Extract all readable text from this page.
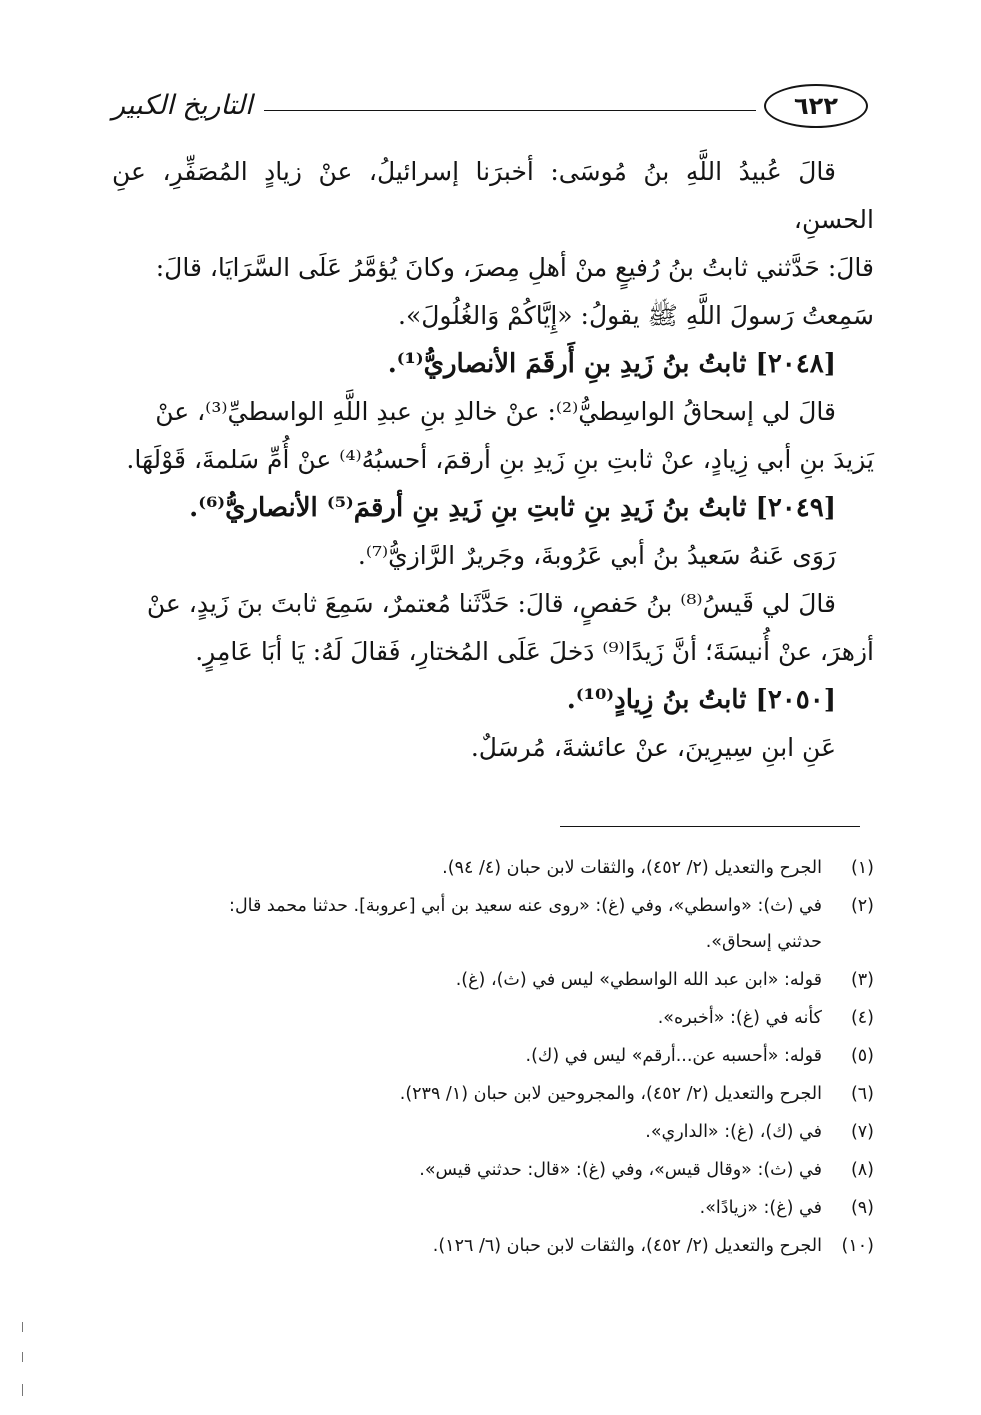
التاريخ الكبير	٦٢٢

قالَ عُبيدُ اللَّهِ بنُ مُوسَى: أخبرَنا إسرائيلُ، عنْ زيادٍ المُصَفِّرِ، عنِ الحسنِ،

قالَ: حَدَّثني ثابتُ بنُ رُفيعٍ منْ أهلِ مِصرَ، وكانَ يُؤمَّرُ عَلَى السَّرَايَا، قالَ:

سَمِعتُ رَسولَ اللَّهِ ﷺ يقولُ: «إِيَّاكُمْ وَالغُلُولَ».

[٢٠٤٨] ثابتُ بنُ زَيدِ بنِ أَرقَمَ الأنصاريُّ⁽¹⁾.

قالَ لي إسحاقُ الواسِطيُّ⁽²⁾: عنْ خالدِ بنِ عبدِ اللَّهِ الواسطيِّ⁽³⁾، عنْ

يَزيدَ بنِ أبي زِيادٍ، عنْ ثابتِ بنِ زَيدِ بنِ أرقمَ، أحسبُهُ⁽⁴⁾ عنْ أُمِّ سَلمةَ، قَوْلَهَا.

[٢٠٤٩] ثابتُ بنُ زَيدِ بنِ ثابتِ بنِ زَيدِ بنِ أرقمَ⁽⁵⁾ الأنصاريُّ⁽⁶⁾.

رَوَى عَنهُ سَعيدُ بنُ أبي عَرُوبةَ، وجَريرٌ الرَّازيُّ⁽⁷⁾.

قالَ لي قَيسُ⁽⁸⁾ بنُ حَفصٍ، قالَ: حَدَّثَنا مُعتمرٌ، سَمِعَ ثابتَ بنَ زَيدٍ، عنْ

أزهرَ، عنْ أُنيسَةَ؛ أنَّ زَيدًا⁽⁹⁾ دَخلَ عَلَى المُختارِ، فَقالَ لَهُ: يَا أبَا عَامِرٍ.

[٢٠٥٠] ثابتُ بنُ زِيادٍ⁽¹⁰⁾.

عَنِ ابنِ سِيرِينَ، عنْ عائشةَ، مُرسَلٌ.

(١)
الجرح والتعديل (٢/ ٤٥٢)، والثقات لابن حبان (٤/ ٩٤).
(٢)
في (ث): «واسطي»، وفي (غ): «روى عنه سعيد بن أبي [عروبة]. حدثنا محمد قال:
حدثني إسحاق».
(٣)
قوله: «ابن عبد الله الواسطي» ليس في (ث)، (غ).
(٤)
كأنه في (غ): «أخبره».
(٥)
قوله: «أحسبه عن...أرقم» ليس في (ك).
(٦)
الجرح والتعديل (٢/ ٤٥٢)، والمجروحين لابن حبان (١/ ٢٣٩).
(٧)
في (ك)، (غ): «الداري».
(٨)
في (ث): «وقال قيس»، وفي (غ): «قال: حدثني قيس».
(٩)
في (غ): «زيادًا».
(١٠)
الجرح والتعديل (٢/ ٤٥٢)، والثقات لابن حبان (٦/ ١٢٦).
